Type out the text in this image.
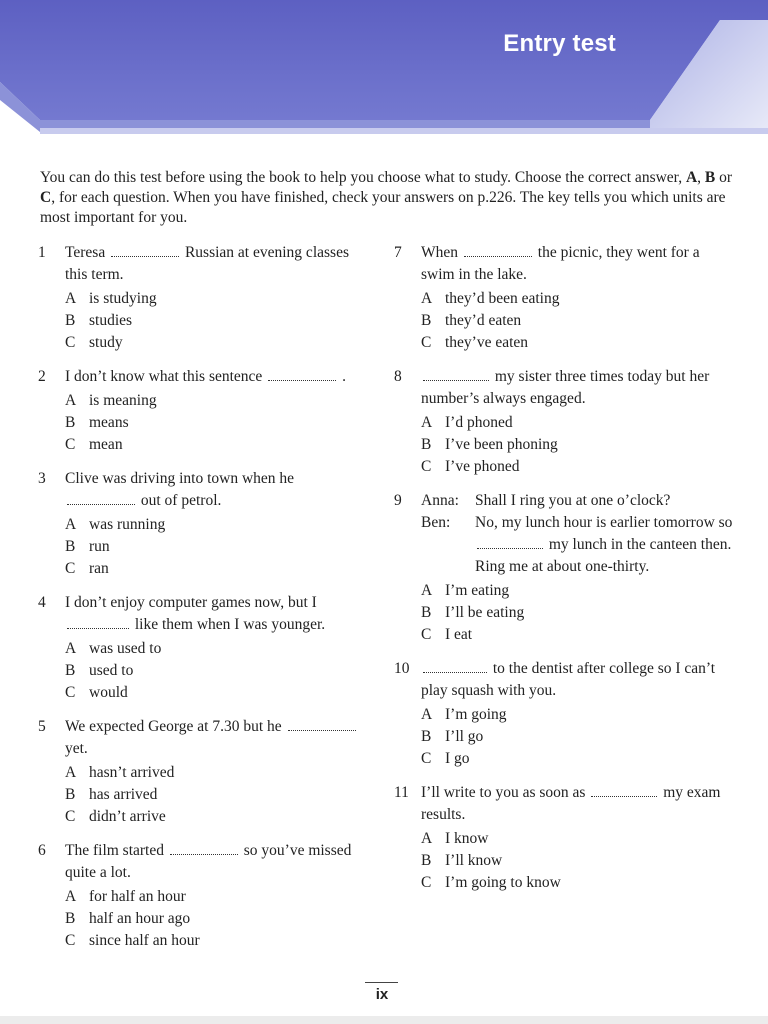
Entry test

You can do this test before using the book to help you choose what to study. Choose the correct answer, A, B or C, for each question. When you have finished, check your answers on p.226. The key tells you which units are most important for you.

1	Teresa	Russian at evening classes this term.
A is studying
B studies
C study
2	I don’t know what this sentence	.
A is meaning
B means
C mean
3	Clive was driving into town when he  out of petrol.
A was running
B run
C ran
4	I don’t enjoy computer games now, but I  like them when I was younger.
A was used to
B used to
C would
5	We expected George at 7.30 but he  yet.
A hasn’t arrived
B has arrived
C didn’t arrive
6	The film started	so you’ve missed quite a lot.
A for half an hour
B half an hour ago
C since half an hour
7	When	the picnic, they went for a swim in the lake.
A they’d been eating
B they’d eaten
C they’ve eaten
8	my sister three times today but her number’s always engaged.
A I’d phoned
B I’ve been phoning
C I’ve phoned
9	Anna:	Shall I ring you at one o’clock?
Ben:	No, my lunch hour is earlier tomorrow so  my lunch in the canteen then. Ring me at about one-thirty.
A I’m eating
B I’ll be eating
C I eat
10	to the dentist after college so I can’t play squash with you.
A I’m going
B I’ll go
C I go
11 I’ll write to you as soon as	my exam results.
A I know
B I’ll know
C I’m going to know
ix
